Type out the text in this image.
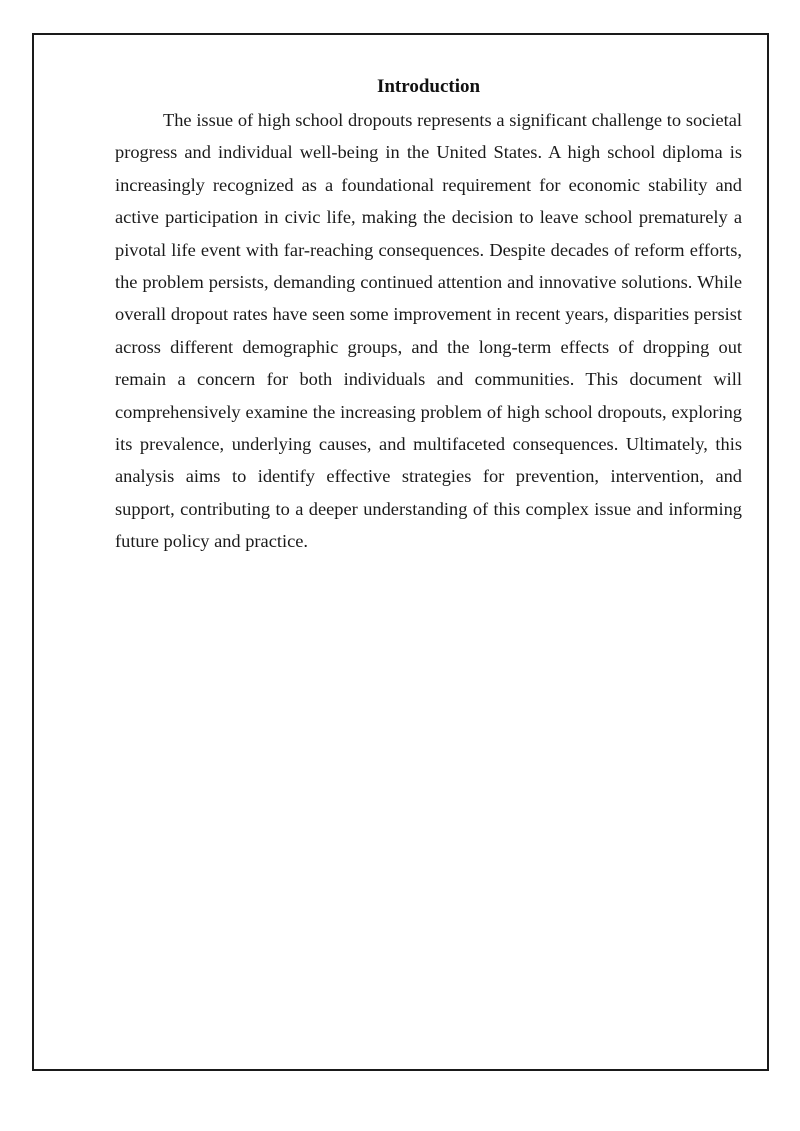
Introduction

The issue of high school dropouts represents a significant challenge to societal progress and individual well-being in the United States. A high school diploma is increasingly recognized as a foundational requirement for economic stability and active participation in civic life, making the decision to leave school prematurely a pivotal life event with far-reaching consequences. Despite decades of reform efforts, the problem persists, demanding continued attention and innovative solutions. While overall dropout rates have seen some improvement in recent years, disparities persist across different demographic groups, and the long-term effects of dropping out remain a concern for both individuals and communities. This document will comprehensively examine the increasing problem of high school dropouts, exploring its prevalence, underlying causes, and multifaceted consequences. Ultimately, this analysis aims to identify effective strategies for prevention, intervention, and support, contributing to a deeper understanding of this complex issue and informing future policy and practice.
